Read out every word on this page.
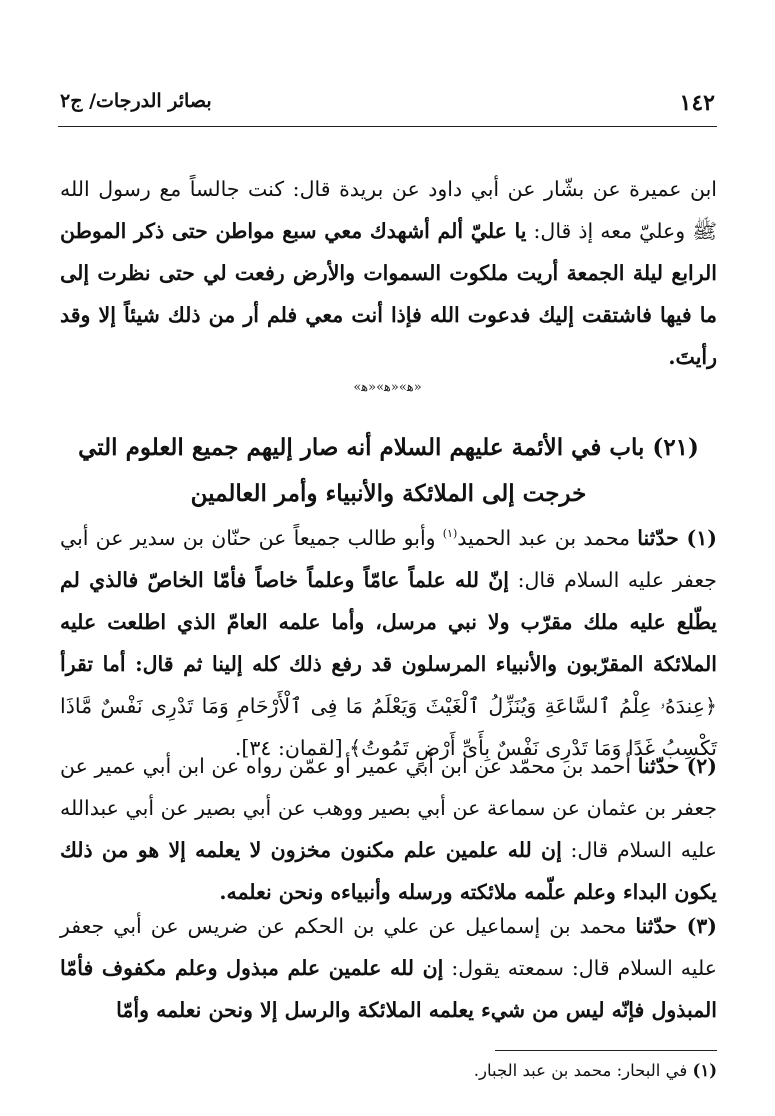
١٤٢
بصائر الدرجات/ ج٢

ابن عميرة عن بشّار عن أبي داود عن بريدة قال: كنت جالساً مع رسول الله ﷺ وعليّ معه إذ قال: يا عليّ ألم أشهدك معي سبع مواطن حتى ذكر الموطن الرابع ليلة الجمعة أريت ملكوت السموات والأرض رفعت لي حتى نظرت إلى ما فيها فاشتقت إليك فدعوت الله فإذا أنت معي فلم أر من ذلك شيئاً إلا وقد رأيتَ.

«ﻫ»«ﻫ»«ﻫ»
(٢١) باب في الأئمة عليهم السلام أنه صار إليهم جميع العلوم التي
خرجت إلى الملائكة والأنبياء وأمر العالمين

(١) حدّثنا محمد بن عبد الحميد$^{(١)}$ وأبو طالب جميعاً عن حنّان بن سدير عن أبي جعفر عليه السلام قال: إنّ لله علماً عامّاً وعلماً خاصاً فأمّا الخاصّ فالذي لم يطّلع عليه ملك مقرّب ولا نبي مرسل، وأما علمه العامّ الذي اطلعت عليه الملائكة المقرّبون والأنبياء المرسلون قد رفع ذلك كله إلينا ثم قال: أما تقرأ ﴿عِندَهُۥ عِلْمُ ٱلسَّاعَةِ وَيُنَزِّلُ ٱلْغَيْثَ وَيَعْلَمُ مَا فِى ٱلْأَرْحَامِ وَمَا تَدْرِى نَفْسٌ مَّاذَا تَكْسِبُ غَدًا وَمَا تَدْرِى نَفْسٌ بِأَىِّ أَرْضٍ تَمُوتُ﴾ [لقمان: ٣٤].

(٢) حدّثنا أحمد بن محمّد عن ابن أبي عمير أو عمّن رواه عن ابن أبي عمير عن جعفر بن عثمان عن سماعة عن أبي بصير ووهب عن أبي بصير عن أبي عبدالله عليه السلام قال: إن لله علمين علم مكنون مخزون لا يعلمه إلا هو من ذلك يكون البداء وعلم علّمه ملائكته ورسله وأنبياءه ونحن نعلمه.

(٣) حدّثنا محمد بن إسماعيل عن علي بن الحكم عن ضريس عن أبي جعفر عليه السلام قال: سمعته يقول: إن لله علمين علم مبذول وعلم مكفوف فأمّا المبذول فإنّه ليس من شيء يعلمه الملائكة والرسل إلا ونحن نعلمه وأمّا

(١) في البحار: محمد بن عبد الجبار.
